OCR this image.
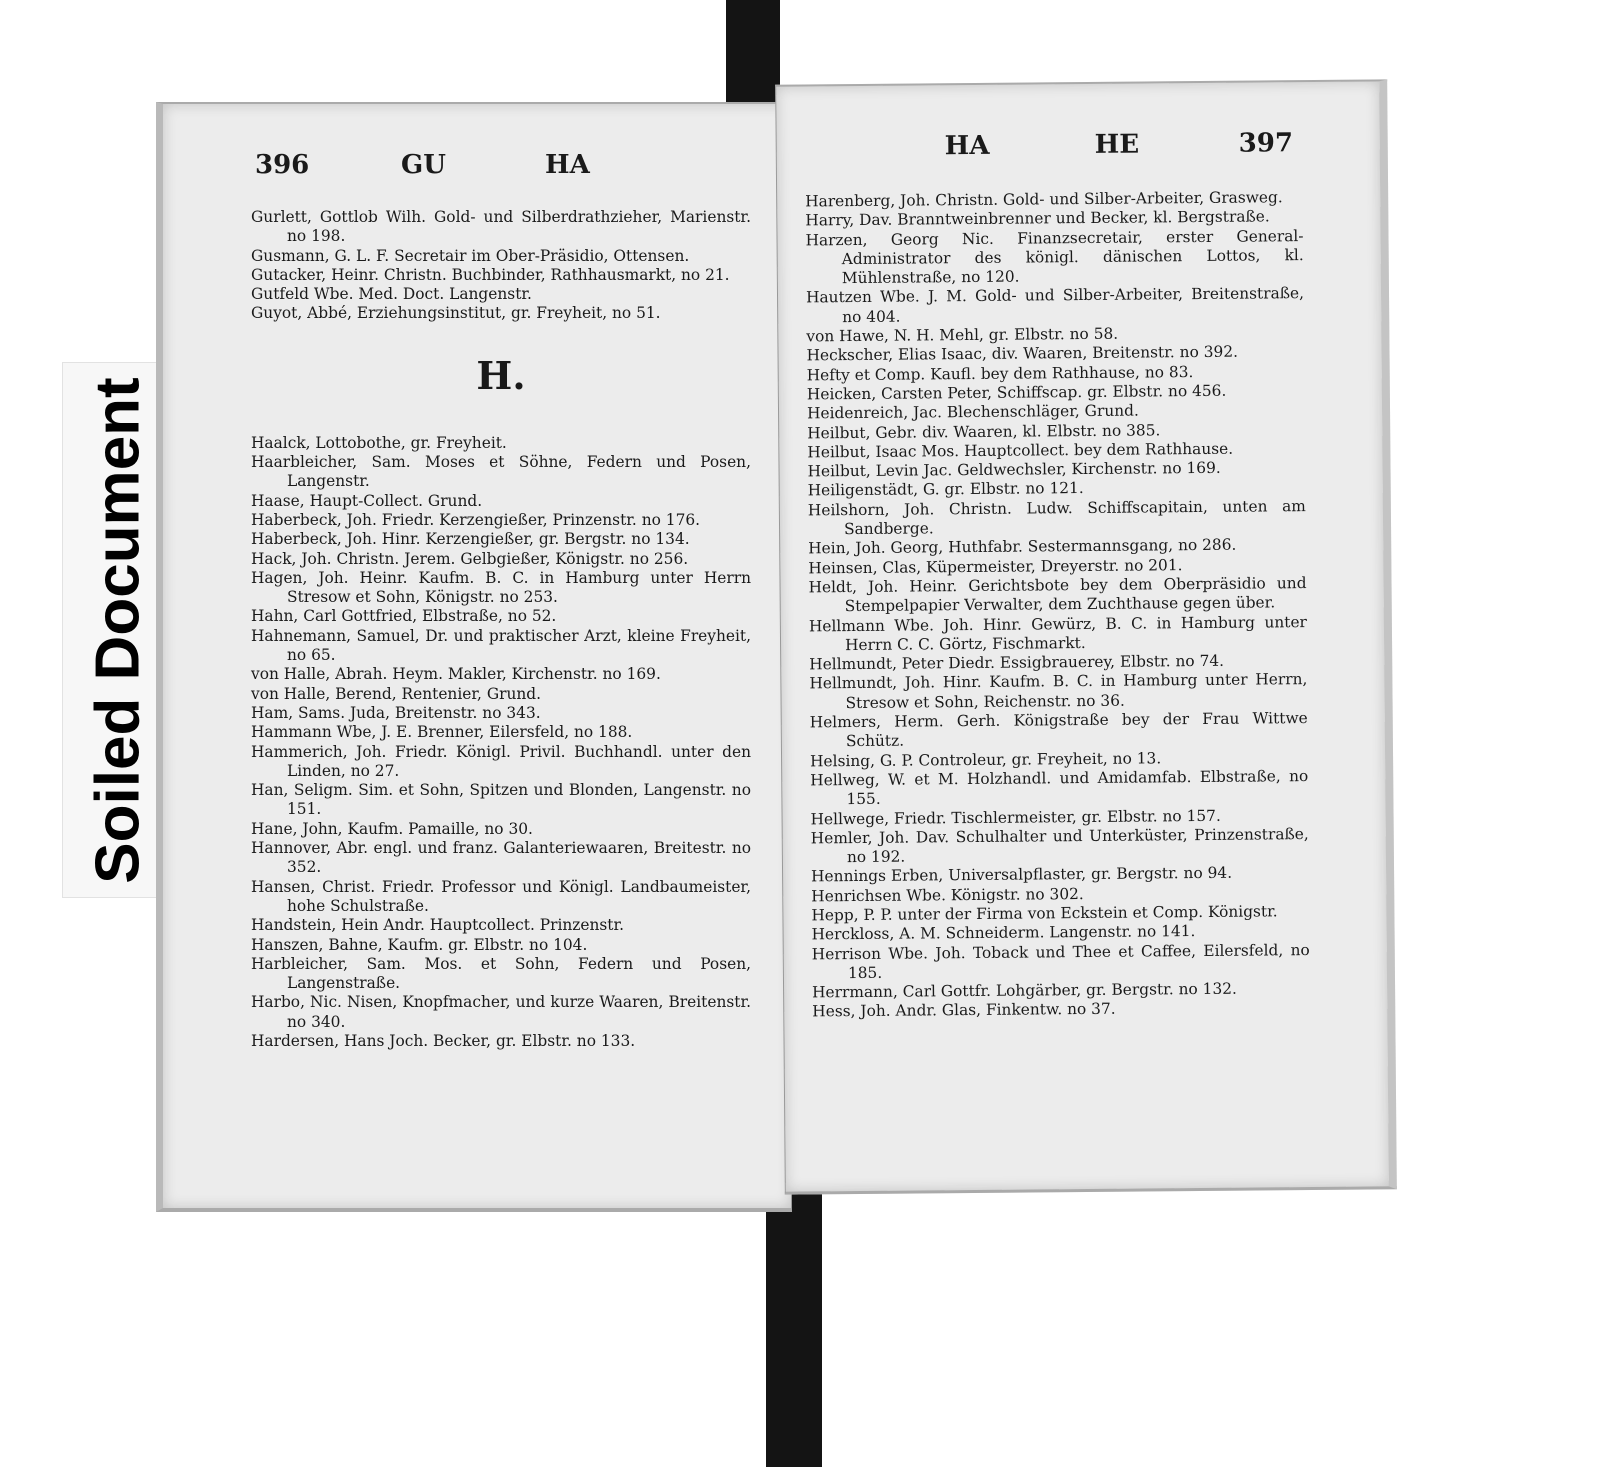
Soiled Document
396	GU	HA
Gurlett, Gottlob Wilh. Gold- und Silberdrathzieher, Marienstr. no 198.
Gusmann, G. L. F. Secretair im Ober-Präsidio, Ottensen.
Gutacker, Heinr. Christn. Buchbinder, Rathhausmarkt, no 21.
Gutfeld Wbe. Med. Doct. Langenstr.
Guyot, Abbé, Erziehungsinstitut, gr. Freyheit, no 51.
H.
Haalck, Lottobothe, gr. Freyheit.
Haarbleicher, Sam. Moses et Söhne, Federn und Posen, Langenstr.
Haase, Haupt-Collect. Grund.
Haberbeck, Joh. Friedr. Kerzengießer, Prinzenstr. no 176.
Haberbeck, Joh. Hinr. Kerzengießer, gr. Bergstr. no 134.
Hack, Joh. Christn. Jerem. Gelbgießer, Königstr. no 256.
Hagen, Joh. Heinr. Kaufm. B. C. in Hamburg unter Herrn Stresow et Sohn, Königstr. no 253.
Hahn, Carl Gottfried, Elbstraße, no 52.
Hahnemann, Samuel, Dr. und praktischer Arzt, kleine Freyheit, no 65.
von Halle, Abrah. Heym. Makler, Kirchenstr. no 169.
von Halle, Berend, Rentenier, Grund.
Ham, Sams. Juda, Breitenstr. no 343.
Hammann Wbe, J. E. Brenner, Eilersfeld, no 188.
Hammerich, Joh. Friedr. Königl. Privil. Buchhandl. unter den Linden, no 27.
Han, Seligm. Sim. et Sohn, Spitzen und Blonden, Langenstr. no 151.
Hane, John, Kaufm. Pamaille, no 30.
Hannover, Abr. engl. und franz. Galanteriewaaren, Breitestr. no 352.
Hansen, Christ. Friedr. Professor und Königl. Landbaumeister, hohe Schulstraße.
Handstein, Hein Andr. Hauptcollect. Prinzenstr.
Hanszen, Bahne, Kaufm. gr. Elbstr. no 104.
Harbleicher, Sam. Mos. et Sohn, Federn und Posen, Langenstraße.
Harbo, Nic. Nisen, Knopfmacher, und kurze Waaren, Breitenstr. no 340.
Hardersen, Hans Joch. Becker, gr. Elbstr. no 133.
HA	HE	397
Harenberg, Joh. Christn. Gold- und Silber-Arbeiter, Grasweg.
Harry, Dav. Branntweinbrenner und Becker, kl. Bergstraße.
Harzen, Georg Nic. Finanzsecretair, erster General-Administrator des königl. dänischen Lottos, kl. Mühlenstraße, no 120.
Hautzen Wbe. J. M. Gold- und Silber-Arbeiter, Breitenstraße, no 404.
von Hawe, N. H. Mehl, gr. Elbstr. no 58.
Heckscher, Elias Isaac, div. Waaren, Breitenstr. no 392.
Hefty et Comp. Kaufl. bey dem Rathhause, no 83.
Heicken, Carsten Peter, Schiffscap. gr. Elbstr. no 456.
Heidenreich, Jac. Blechenschläger, Grund.
Heilbut, Gebr. div. Waaren, kl. Elbstr. no 385.
Heilbut, Isaac Mos. Hauptcollect. bey dem Rathhause.
Heilbut, Levin Jac. Geldwechsler, Kirchenstr. no 169.
Heiligenstädt, G. gr. Elbstr. no 121.
Heilshorn, Joh. Christn. Ludw. Schiffscapitain, unten am Sandberge.
Hein, Joh. Georg, Huthfabr. Sestermannsgang, no 286.
Heinsen, Clas, Küpermeister, Dreyerstr. no 201.
Heldt, Joh. Heinr. Gerichtsbote bey dem Oberpräsidio und Stempelpapier Verwalter, dem Zuchthause gegen über.
Hellmann Wbe. Joh. Hinr. Gewürz, B. C. in Hamburg unter Herrn C. C. Görtz, Fischmarkt.
Hellmundt, Peter Diedr. Essigbrauerey, Elbstr. no 74.
Hellmundt, Joh. Hinr. Kaufm. B. C. in Hamburg unter Herrn, Stresow et Sohn, Reichenstr. no 36.
Helmers, Herm. Gerh. Königstraße bey der Frau Wittwe Schütz.
Helsing, G. P. Controleur, gr. Freyheit, no 13.
Hellweg, W. et M. Holzhandl. und Amidamfab. Elbstraße, no 155.
Hellwege, Friedr. Tischlermeister, gr. Elbstr. no 157.
Hemler, Joh. Dav. Schulhalter und Unterküster, Prinzenstraße, no 192.
Hennings Erben, Universalpflaster, gr. Bergstr. no 94.
Henrichsen Wbe. Königstr. no 302.
Hepp, P. P. unter der Firma von Eckstein et Comp. Königstr.
Herckloss, A. M. Schneiderm. Langenstr. no 141.
Herrison Wbe. Joh. Toback und Thee et Caffee, Eilersfeld, no 185.
Herrmann, Carl Gottfr. Lohgärber, gr. Bergstr. no 132.
Hess, Joh. Andr. Glas, Finkentw. no 37.
